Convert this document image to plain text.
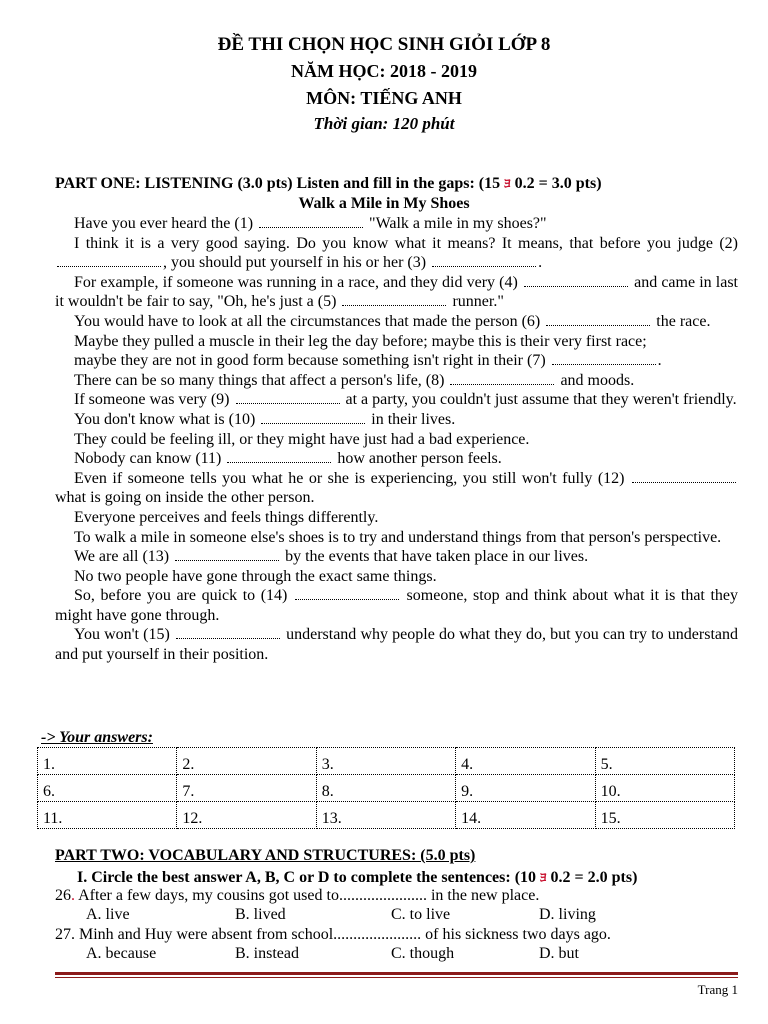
ĐỀ THI CHỌN HỌC SINH GIỎI LỚP 8
NĂM HỌC: 2018 - 2019
MÔN: TIẾNG ANH
Thời gian: 120 phút
PART ONE: LISTENING (3.0 pts) Listen and fill in the gaps: (15 ﾖ 0.2 = 3.0 pts)
Walk a Mile in My Shoes

Have you ever heard the (1)	"Walk a mile in my shoes?"

I think it is a very good saying. Do you know what it means? It means, that before you judge (2) , you should put yourself in his or her (3)	.

For example, if someone was running in a race, and they did very (4)	and came in last it wouldn't be fair to say, "Oh, he's just a (5)	runner."

You would have to look at all the circumstances that made the person (6)	the race.

Maybe they pulled a muscle in their leg the day before; maybe this is their very first race;

maybe they are not in good form because something isn't right in their (7)	.

There can be so many things that affect a person's life, (8)	and moods.

If someone was very (9)	at a party, you couldn't just assume that they weren't friendly.

You don't know what is (10)	in their lives.

They could be feeling ill, or they might have just had a bad experience.

Nobody can know (11)	how another person feels.

Even if someone tells you what he or she is experiencing, you still won't fully (12)  what is going on inside the other person.

Everyone perceives and feels things differently.

To walk a mile in someone else's shoes is to try and understand things from that person's perspective.

We are all (13)	by the events that have taken place in our lives.

No two people have gone through the exact same things.

So, before you are quick to (14)	someone, stop and think about what it is that they might have gone through.

You won't (15)	understand why people do what they do, but you can try to understand and put yourself in their position.

-> Your answers:
1.	2.	3.	4.	5.
6.	7.	8.	9.	10.
11.	12.	13.	14.	15.
PART TWO: VOCABULARY AND STRUCTURES: (5.0 pts)
I. Circle the best answer A, B, C or D to complete the sentences: (10 ﾖ 0.2 = 2.0 pts)
26. After a few days, my cousins got used to...................... in the new place.
A. live	B. lived	C. to live	D. living
27. Minh and Huy were absent from school...................... of his sickness two days ago.
A. because	B. instead	C. though	D. but
Trang 1
